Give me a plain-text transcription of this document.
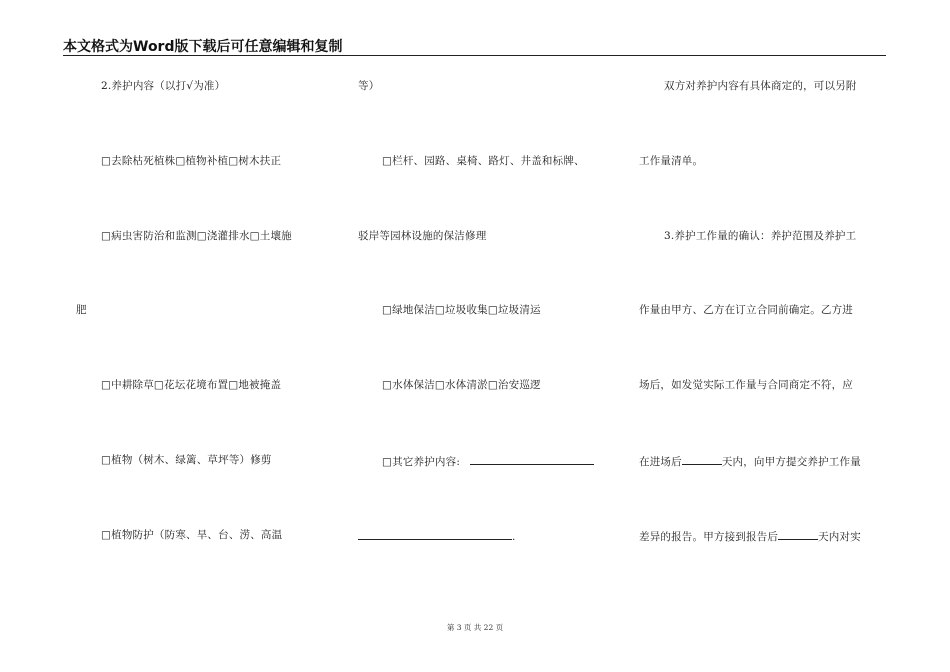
本文格式为Word版下载后可任意编辑和复制
2.养护内容（以打√为准）
□去除枯死植株□植物补植□树木扶正
□病虫害防治和监测□浇灌排水□土壤施
肥
□中耕除草□花坛花境布置□地被掩盖
□植物（树木、绿篱、草坪等）修剪
□植物防护（防寒、旱、台、涝、高温
等）
□栏杆、园路、桌椅、路灯、井盖和标牌、
驳岸等园林设施的保洁修理
□绿地保洁□垃圾收集□垃圾清运
□水体保洁□水体清淤□治安巡逻
□其它养护内容:
.
双方对养护内容有具体商定的，可以另附
工作量清单。
3.养护工作量的确认：养护范围及养护工
作量由甲方、乙方在订立合同前确定。乙方进
场后，如发觉实际工作量与合同商定不符，应
在进场后	天内，向甲方提交养护工作量
差异的报告。甲方接到报告后	天内对实
第 3 页 共 22 页
